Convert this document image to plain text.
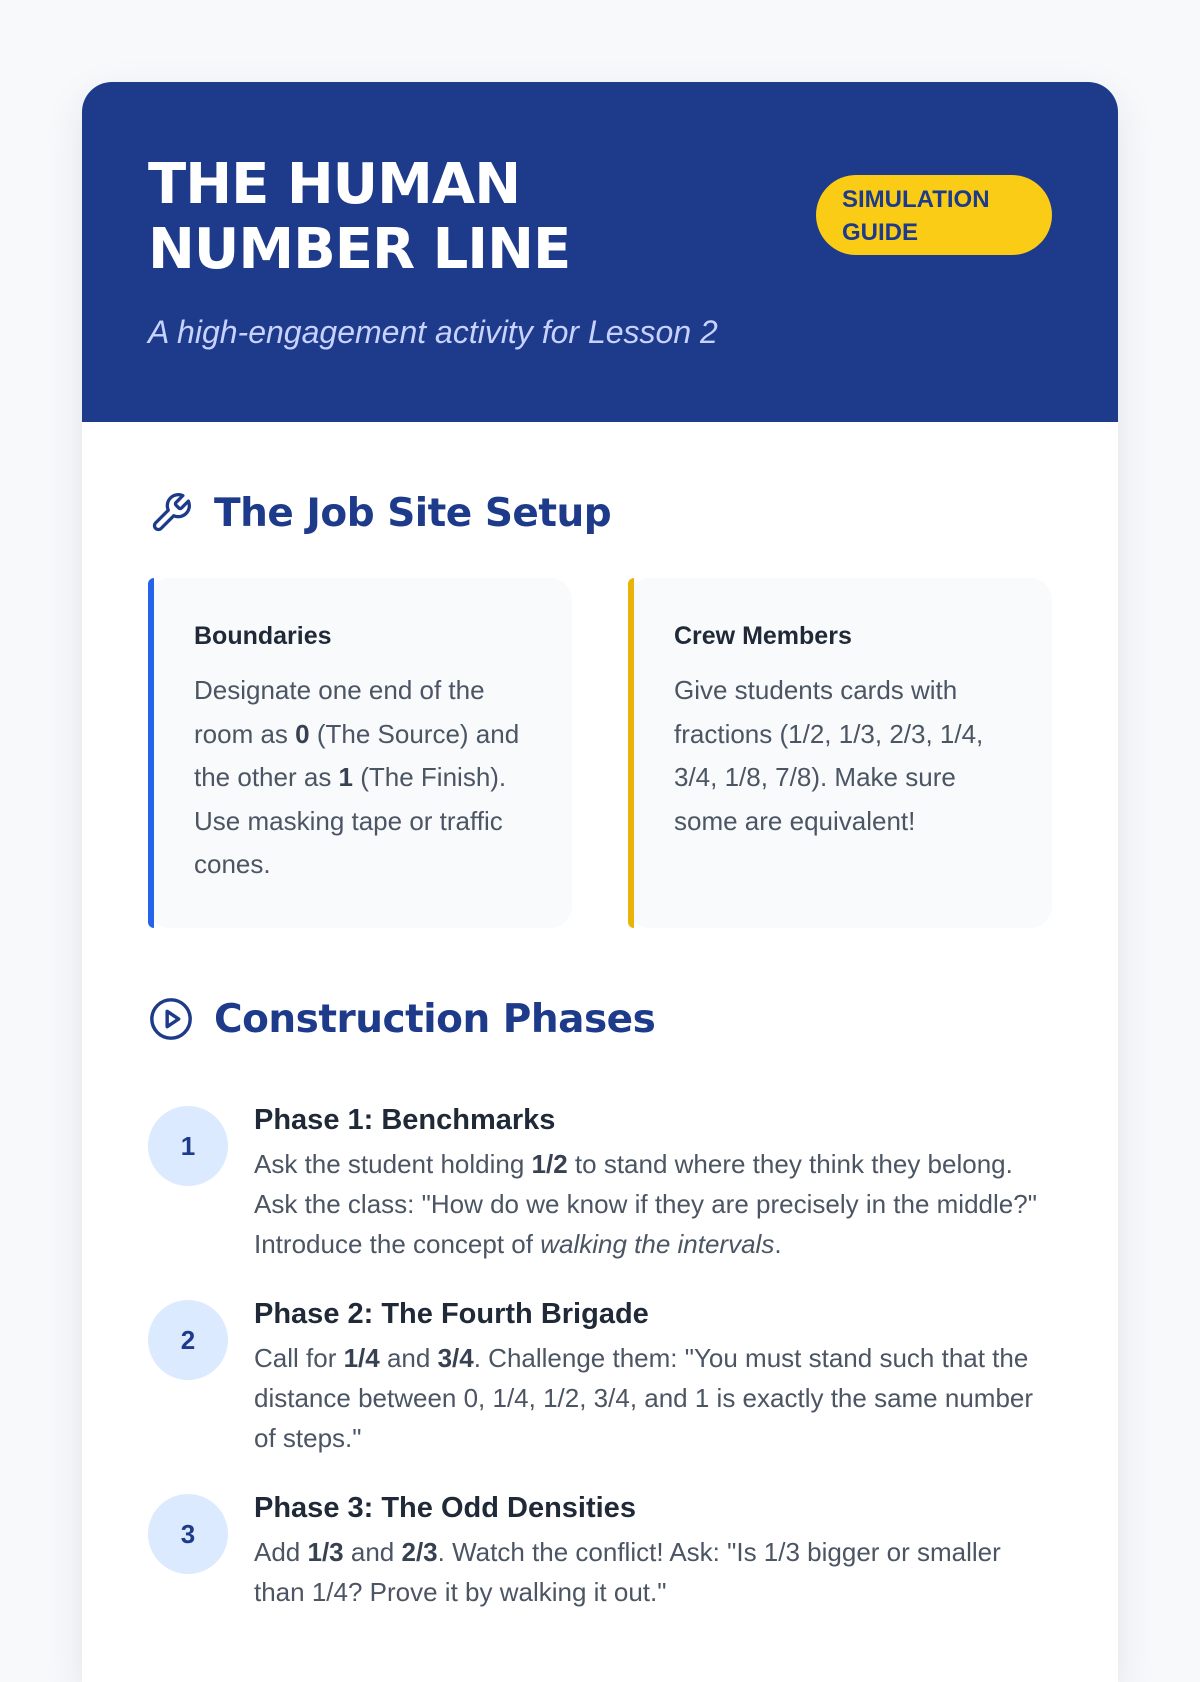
THE HUMAN
NUMBER LINE
SIMULATION
GUIDE
A high-engagement activity for Lesson 2
The Job Site Setup
Boundaries

Designate one end of the room as 0 (The Source) and the other as 1 (The Finish). Use masking tape or traffic cones.

Crew Members

Give students cards with fractions (1/2, 1/3, 2/3, 1/4, 3/4, 1/8, 7/8). Make sure some are equivalent!

Construction Phases
1
Phase 1: Benchmarks

Ask the student holding 1/2 to stand where they think they belong. Ask the class: "How do we know if they are precisely in the middle?" Introduce the concept of walking the intervals.

2
Phase 2: The Fourth Brigade

Call for 1/4 and 3/4. Challenge them: "You must stand such that the distance between 0, 1/4, 1/2, 3/4, and 1 is exactly the same number of steps."

3
Phase 3: The Odd Densities

Add 1/3 and 2/3. Watch the conflict! Ask: "Is 1/3 bigger or smaller than 1/4? Prove it by walking it out."
